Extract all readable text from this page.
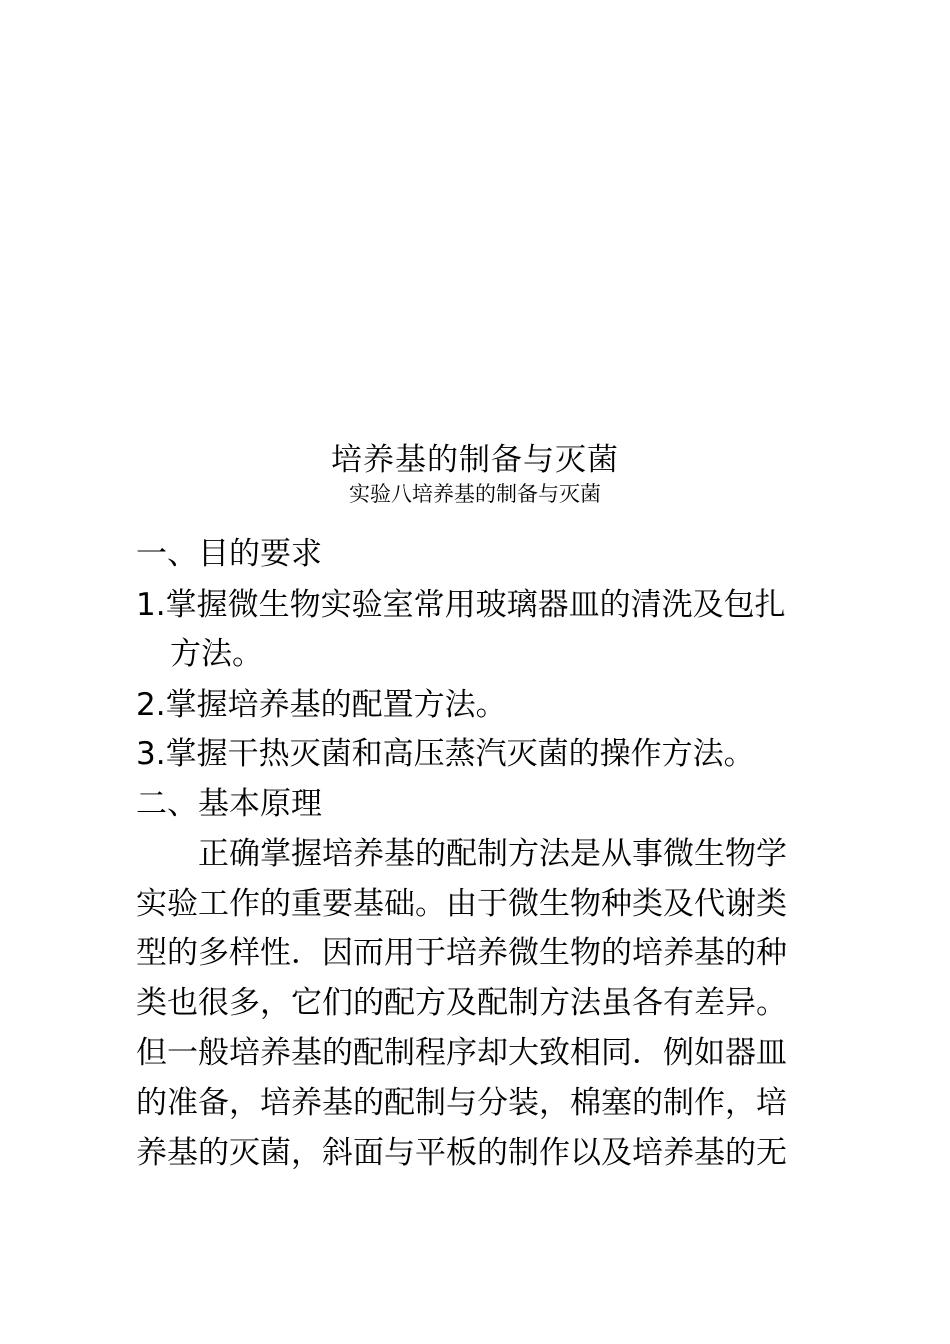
培养基的制备与灭菌
实验八培养基的制备与灭菌
一、目的要求
1.掌握微生物实验室常用玻璃器皿的清洗及包扎
方法。
2.掌握培养基的配置方法。
3.掌握干热灭菌和高压蒸汽灭菌的操作方法。
二、基本原理
　　正确掌握培养基的配制方法是从事微生物学
实验工作的重要基础。由于微生物种类及代谢类
型的多样性．因而用于培养微生物的培养基的种
类也很多，它们的配方及配制方法虽各有差异。
但一般培养基的配制程序却大致相同．例如器皿
的准备，培养基的配制与分装，棉塞的制作，培
养基的灭菌，斜面与平板的制作以及培养基的无
